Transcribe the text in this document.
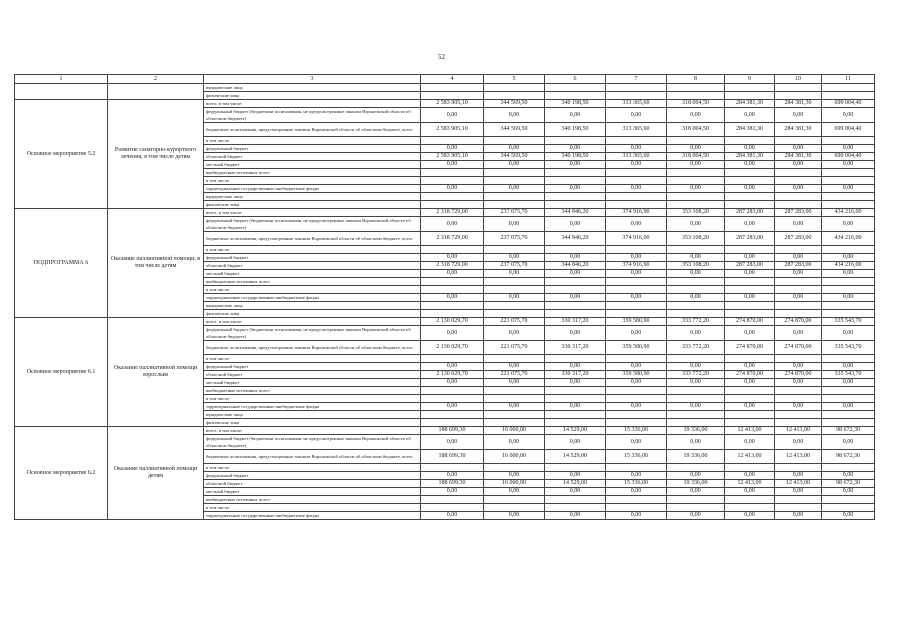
52
1	2	3	4	5	6	7	8	9	10	11
		юридические лица								
		физические лица								
Основное мероприятие 5.2	Развитие санаторно-курортного лечения, в том числе детям	всего, в том числе:	2 583 905,10	344 569,50	340 198,50	313 365,60	318 004,50	284 381,30	284 381,30	699 004,40
		федеральный бюджет (бюджетные ассигнования, не предусмотренные законом Воронежской области об областном бюджете)	0,00	0,00	0,00	0,00	0,00	0,00	0,00	0,00
		бюджетные ассигнования, предусмотренные законом Воронежской области об областном бюджете, всего	2 583 905,10	344 569,50	340 198,50	313 365,60	318 004,50	284 381,30	284 381,30	699 004,40
		в том числе:								
		федеральный бюджет	0,00	0,00	0,00	0,00	0,00	0,00	0,00	0,00
		областной бюджет	2 583 905,10	344 569,50	340 198,50	313 365,60	318 004,50	284 381,30	284 381,30	699 004,40
		местный бюджет	0,00	0,00	0,00	0,00	0,00	0,00	0,00	0,00
		внебюджетные источники, всего								
		в том числе:								
		территориальные государственные внебюджетные фонды	0,00	0,00	0,00	0,00	0,00	0,00	0,00	0,00
		юридические лица								
		физические лица								
ПОДПРОГРАММА 6	Оказание паллиативной помощи, в том числе детям	всего, в том числе:	2 318 729,00	237 075,70	344 846,20	374 916,90	353 108,20	287 283,00	287 283,00	434 216,00
		федеральный бюджет (бюджетные ассигнования, не предусмотренные законом Воронежской области об областном бюджете)	0,00	0,00	0,00	0,00	0,00	0,00	0,00	0,00
		бюджетные ассигнования, предусмотренные законом Воронежской области об областном бюджете, всего	2 318 729,00	237 075,70	344 846,20	374 916,90	353 108,20	287 283,00	287 283,00	434 216,00
		в том числе:								
		федеральный бюджет	0,00	0,00	0,00	0,00	0,00	0,00	0,00	0,00
		областной бюджет	2 318 729,00	237 075,70	344 846,20	374 916,90	353 108,20	287 283,00	287 283,00	434 216,00
		местный бюджет	0,00	0,00	0,00	0,00	0,00	0,00	0,00	0,00
		внебюджетные источники, всего								
		в том числе:								
		территориальные государственные внебюджетные фонды	0,00	0,00	0,00	0,00	0,00	0,00	0,00	0,00
		юридические лица								
		физические лица								
Основное мероприятие 6.1	Оказание паллиативной помощи взрослым	всего, в том числе:	2 130 029,70	221 075,70	330 317,20	359 580,90	333 772,20	274 870,00	274 870,00	335 543,70
		федеральный бюджет (бюджетные ассигнования, не предусмотренные законом Воронежской области об областном бюджете)	0,00	0,00	0,00	0,00	0,00	0,00	0,00	0,00
		бюджетные ассигнования, предусмотренные законом Воронежской области об областном бюджете, всего	2 130 029,70	221 075,70	330 317,20	359 580,90	333 772,20	274 870,00	274 870,00	335 543,70
		в том числе:								
		федеральный бюджет	0,00	0,00	0,00	0,00	0,00	0,00	0,00	0,00
		областной бюджет	2 130 029,70	221 075,70	330 317,20	359 580,90	333 772,20	274 870,00	274 870,00	335 543,70
		местный бюджет	0,00	0,00	0,00	0,00	0,00	0,00	0,00	0,00
		внебюджетные источники, всего								
		в том числе:								
		территориальные государственные внебюджетные фонды	0,00	0,00	0,00	0,00	0,00	0,00	0,00	0,00
		юридические лица								
		физические лица								
Основное мероприятие 6.2	Оказание паллиативной помощи детям	всего, в том числе:	188 699,30	16 000,00	14 529,00	15 336,00	19 336,00	12 413,00	12 413,00	98 672,30
		федеральный бюджет (бюджетные ассигнования, не предусмотренные законом Воронежской области об областном бюджете)	0,00	0,00	0,00	0,00	0,00	0,00	0,00	0,00
		бюджетные ассигнования, предусмотренные законом Воронежской области об областном бюджете, всего	188 699,30	16 000,00	14 529,00	15 336,00	19 336,00	12 413,00	12 413,00	98 672,30
		в том числе:								
		федеральный бюджет	0,00	0,00	0,00	0,00	0,00	0,00	0,00	0,00
		областной бюджет	188 699,30	16 000,00	14 529,00	15 336,00	19 336,00	12 413,00	12 413,00	98 672,30
		местный бюджет	0,00	0,00	0,00	0,00	0,00	0,00	0,00	0,00
		внебюджетные источники, всего								
		в том числе:								
		территориальные государственные внебюджетные фонды	0,00	0,00	0,00	0,00	0,00	0,00	0,00	0,00
